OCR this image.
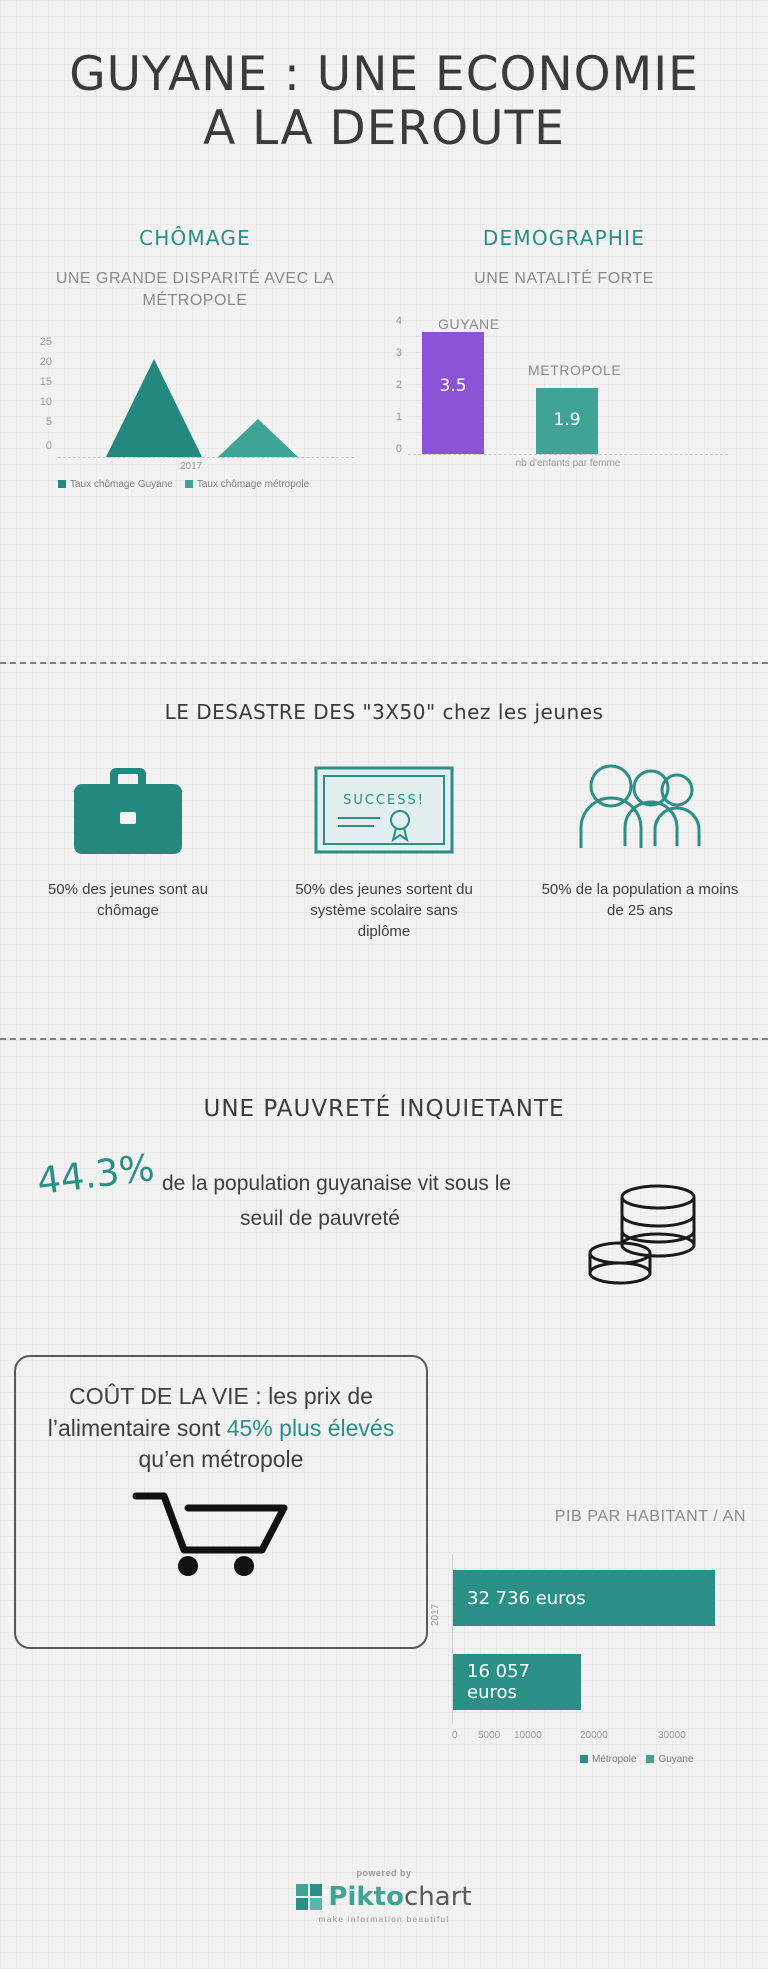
GUYANE : UNE ECONOMIE
A LA DEROUTE
CHÔMAGE
UNE GRANDE DISPARITÉ AVEC LA MÉTROPOLE
25
20
15
10
5
0
2017
Taux chômage Guyane	Taux chômage métropole
DEMOGRAPHIE
UNE NATALITÉ FORTE
4
3
2
1
0
GUYANE
METROPOLE
3.5
1.9
nb d'enfants par femme
LE DESASTRE DES "3X50" chez les jeunes
50% des jeunes sont au chômage
SUCCESS!
50% des jeunes sortent du système scolaire sans diplôme
50% de la population a moins de 25 ans
UNE PAUVRETÉ INQUIETANTE
44.3% de la population guyanaise vit sous le
seuil de pauvreté
COÛT DE LA VIE : les prix de l’alimentaire sont 45% plus élevés qu’en métropole
PIB PAR HABITANT / AN
2017
32 736 euros
16 057 euros
0 5000 10000	20000	30000
Métropole	Guyane
powered by
Piktochart
make information beautiful
